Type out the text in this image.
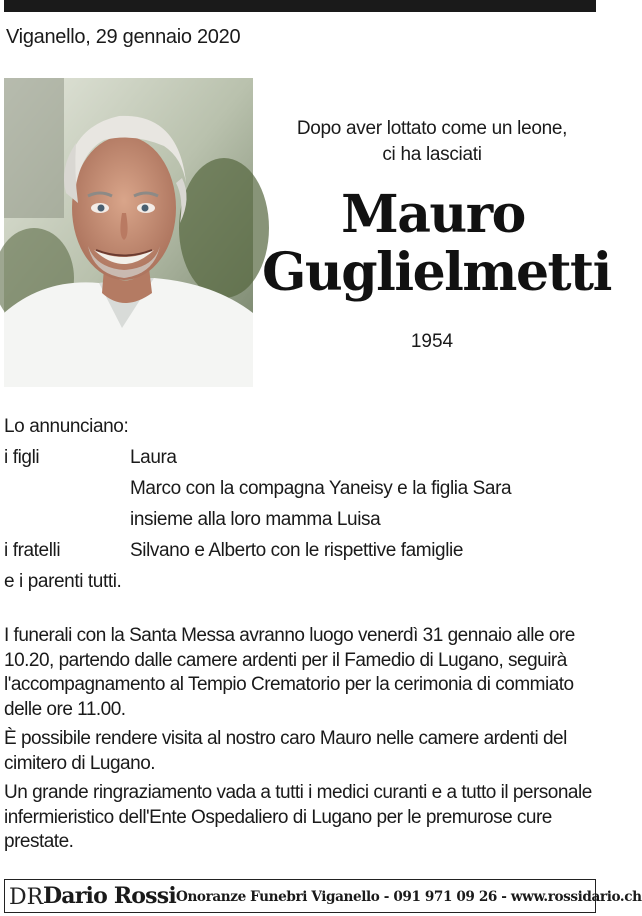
Viganello, 29 gennaio 2020
Dopo aver lottato come un leone,
ci ha lasciati
Mauro
Guglielmetti
1954
Lo annunciano:
i figli	Laura
Marco con la compagna Yaneisy e la figlia Sara
insieme alla loro mamma Luisa
i fratelli	Silvano e Alberto con le rispettive famiglie
e i parenti tutti.

I funerali con la Santa Messa avranno luogo venerdì 31 gennaio alle ore 10.20, partendo dalle camere ardenti per il Famedio di Lugano, seguirà l'accompagnamento al Tempio Crematorio per la cerimonia di commiato delle ore 11.00.

È possibile rendere visita al nostro caro Mauro nelle camere ardenti del cimitero di Lugano.

Un grande ringraziamento vada a tutti i medici curanti e a tutto il personale infermieristico dell'Ente Ospedaliero di Lugano per le premurose cure prestate.

DR Dario Rossi Onoranze Funebri Viganello - 091 971 09 26 - www.rossidario.ch
